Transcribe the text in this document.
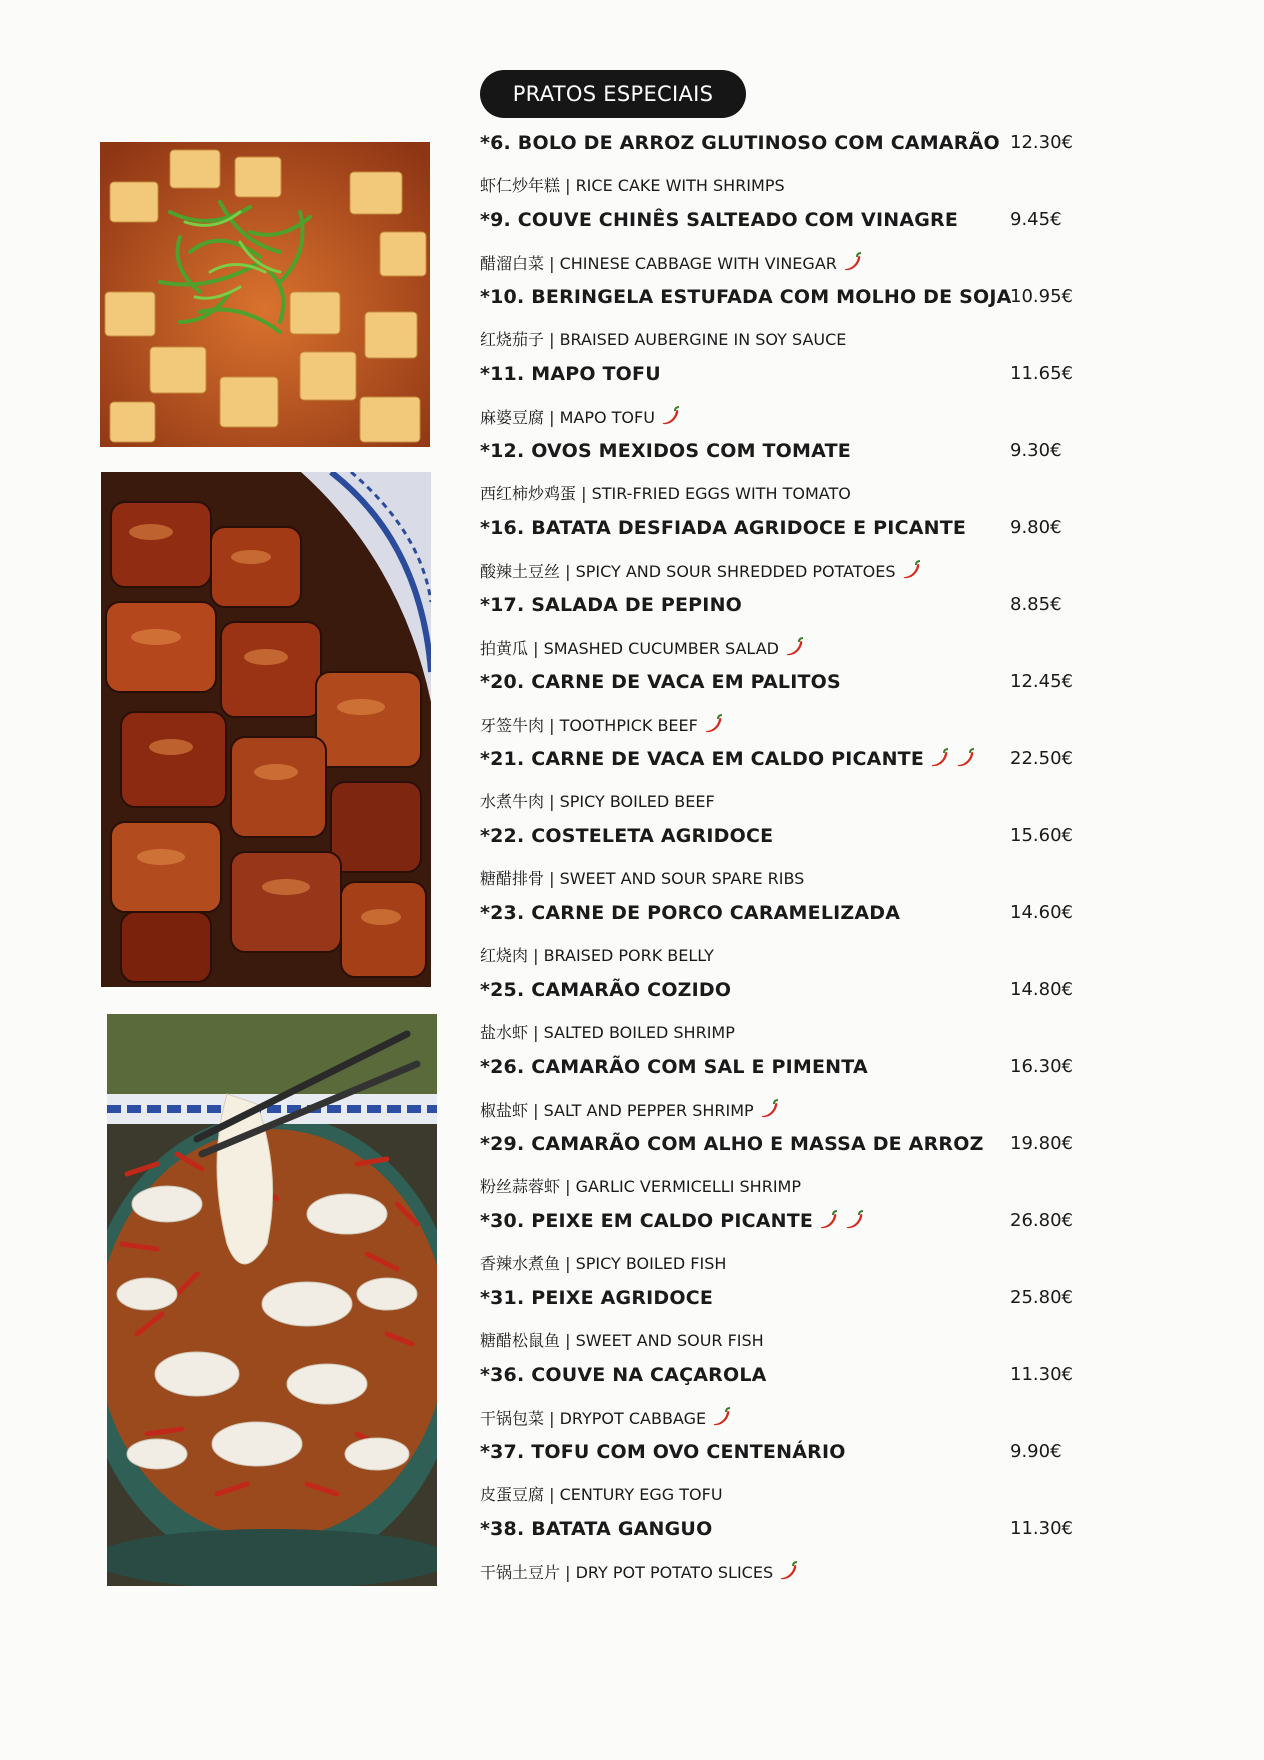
PRATOS ESPECIAIS
*6. BOLO DE ARROZ GLUTINOSO COM CAMARÃO 12.30€
虾仁炒年糕 | RICE CAKE WITH SHRIMPS
*9. COUVE CHINÊS SALTEADO COM VINAGRE	9.45€
醋溜白菜 | CHINESE CABBAGE WITH VINEGAR
*10. BERINGELA ESTUFADA COM MOLHO DE SOJA
10.95€
红烧茄子 | BRAISED AUBERGINE IN SOY SAUCE
*11. MAPO TOFU	11.65€
麻婆豆腐 | MAPO TOFU
*12. OVOS MEXIDOS COM TOMATE	9.30€
西红柿炒鸡蛋 | STIR-FRIED EGGS WITH TOMATO
*16. BATATA DESFIADA AGRIDOCE E PICANTE 9.80€
酸辣土豆丝 | SPICY AND SOUR SHREDDED POTATOES
*17. SALADA DE PEPINO	8.85€
拍黄瓜 | SMASHED CUCUMBER SALAD
*20. CARNE DE VACA EM PALITOS	12.45€
牙签牛肉 | TOOTHPICK BEEF
*21. CARNE DE VACA EM CALDO PICANTE	22.50€
水煮牛肉 | SPICY BOILED BEEF
*22. COSTELETA AGRIDOCE	15.60€
糖醋排骨 | SWEET AND SOUR SPARE RIBS
*23. CARNE DE PORCO CARAMELIZADA	14.60€
红烧肉 | BRAISED PORK BELLY
*25. CAMARÃO COZIDO	14.80€
盐水虾 | SALTED BOILED SHRIMP
*26. CAMARÃO COM SAL E PIMENTA	16.30€
椒盐虾 | SALT AND PEPPER SHRIMP
*29. CAMARÃO COM ALHO E MASSA DE ARROZ 19.80€
粉丝蒜蓉虾 | GARLIC VERMICELLI SHRIMP
*30. PEIXE EM CALDO PICANTE	26.80€
香辣水煮鱼 | SPICY BOILED FISH
*31. PEIXE AGRIDOCE	25.80€
糖醋松鼠鱼 | SWEET AND SOUR FISH
*36. COUVE NA CAÇAROLA	11.30€
干锅包菜 | DRYPOT CABBAGE
*37. TOFU COM OVO CENTENÁRIO	9.90€
皮蛋豆腐 | CENTURY EGG TOFU
*38. BATATA GANGUO	11.30€
干锅土豆片 | DRY POT POTATO SLICES
